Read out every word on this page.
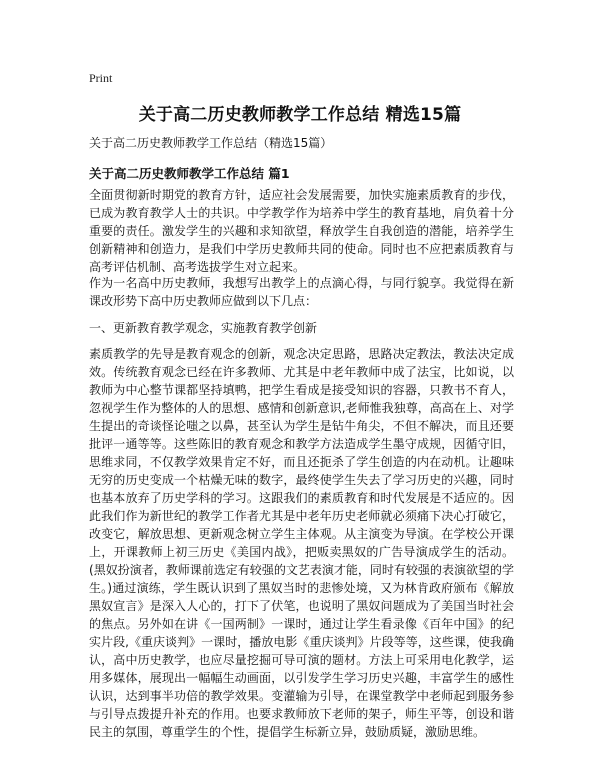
Print
关于高二历史教师教学工作总结 精选15篇

关于高二历史教师教学工作总结（精选15篇）

关于高二历史教师教学工作总结 篇1

全面贯彻新时期党的教育方针，适应社会发展需要，加快实施素质教育的步伐，已成为教育教学人士的共识。中学教学作为培养中学生的教育基地，肩负着十分重要的责任。激发学生的兴趣和求知欲望，释放学生自我创造的潜能，培养学生创新精神和创造力，是我们中学历史教师共同的使命。同时也不应把素质教育与高考评估机制、高考选拔学生对立起来。

作为一名高中历史教师，我想写出教学上的点滴心得，与同行貌享。我觉得在新课改形势下高中历史教师应做到以下几点：

一、更新教育教学观念，实施教育教学创新

素质教学的先导是教育观念的创新，观念决定思路，思路决定教法，教法决定成效。传统教育观念已经在许多教师、尤其是中老年教师中成了法宝，比如说，以教师为中心整节课都坚持填鸭，把学生看成是接受知识的容器，只教书不育人，忽视学生作为整体的人的思想、感情和创新意识,老师惟我独尊，高高在上、对学生提出的奇谈怪论嗤之以鼻，甚至认为学生是钻牛角尖，不但不解决，而且还要批评一通等等。这些陈旧的教育观念和教学方法造成学生墨守成规，因循守旧，思维求同，不仅教学效果肯定不好，而且还扼杀了学生创造的内在动机。让趣味无穷的历史变成一个枯燥无味的数字，最终使学生失去了学习历史的兴趣，同时也基本放弃了历史学科的学习。这跟我们的素质教育和时代发展是不适应的。因此我们作为新世纪的教学工作者尤其是中老年历史老师就必须痛下决心打破它，改变它，解放思想、更新观念树立学生主体观。从主演变为导演。在学校公开课上，开课教师上初三历史《美国内战》，把贩卖黑奴的广告导演成学生的活动。(黑奴扮演者，教师课前选定有较强的文艺表演才能，同时有较强的表演欲望的学生。)通过演练，学生既认识到了黑奴当时的悲惨处境，又为林肯政府颁布《解放黑奴宣言》是深入人心的，打下了伏笔，也说明了黑奴问题成为了美国当时社会的焦点。另外如在讲《一国两制》一课时，通过让学生看录像《百年中国》的纪实片段,《重庆谈判》一课时，播放电影《重庆谈判》片段等等，这些课，使我确认，高中历史教学，也应尽量挖掘可导可演的题材。方法上可采用电化教学，运用多媒体，展现出一幅幅生动画面，以引发学生学习历史兴趣，丰富学生的感性认识，达到事半功倍的教学效果。变灌输为引导，在课堂教学中老师起到服务参与引导点拨提升补充的作用。也要求教师放下老师的架子，师生平等，创设和谐民主的氛围，尊重学生的个性，提倡学生标新立异，鼓励质疑，激励思维。
